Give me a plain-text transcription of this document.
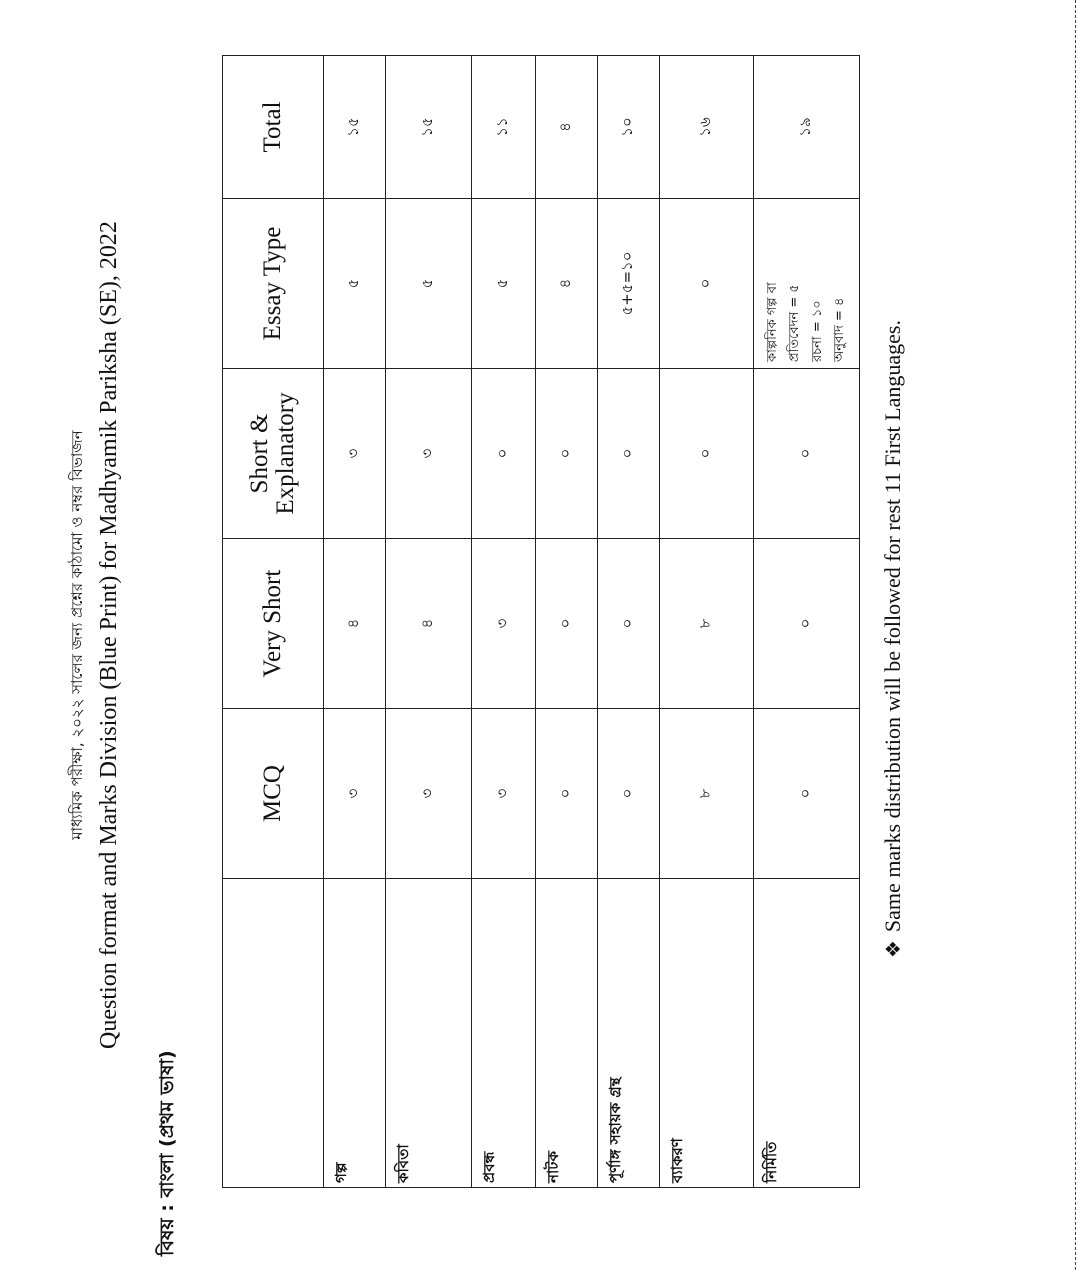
মাধ্যমিক পরীক্ষা, ২০২২ সালের জন্য প্রশ্নের কাঠামো ও নম্বর বিভাজন Question format and Marks Division (Blue Print) for Madhyamik Pariksha (SE), 2022
বিষয় : বাংলা (প্রথম ভাষা)
	MCQ	Very Short	Short & Explanatory	Essay Type	Total
গল্প	৩	৪	৩	৫	১৫
কবিতা	৩	৪	৩	৫	১৫
প্রবন্ধ	৩	৩	০	৫	১১
নাটক	০	০	০	৪	৪
পূর্ণাঙ্গ সহায়ক গ্রন্থ	০	০	০	৫+৫=১০	১০
ব্যাকরণ	৮	৮	০	০	১৬
নির্মিতি	০	০	০	কাল্পনিক গল্প বা প্রতিবেদন = ৫ রচনা = ১০ অনুবাদ = ৪	১৯
❖Same marks distribution will be followed for rest 11 First Languages.
